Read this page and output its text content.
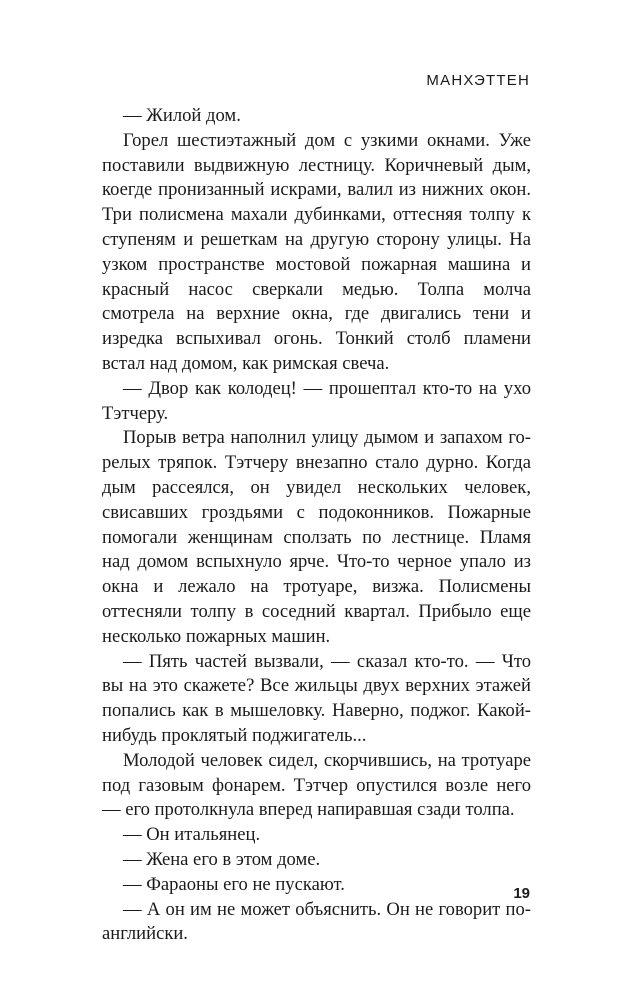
МАНХЭТТЕН

— Жилой дом.

Горел шестиэтажный дом с узкими окнами. Уже поставили выдвижную лестницу. Коричневый дым, коегде пронизанный искрами, валил из нижних окон. Три полисмена махали дубинками, оттесняя толпу к ступеням и решеткам на другую сторону улицы. На узком пространстве мостовой пожарная машина и красный насос сверкали медью. Толпа молча смотрела на верхние окна, где двигались тени и изредка вспыхивал огонь. Тонкий столб пламени встал над домом, как римская свеча.

— Двор как колодец! — прошептал кто-то на ухо Тэтчеру.

Порыв ветра наполнил улицу дымом и запахом горелых тряпок. Тэтчеру внезапно стало дурно. Когда дым рассеялся, он увидел нескольких человек, свисавших гроздьями с подоконников. Пожарные помогали женщинам сползать по лестнице. Пламя над домом вспыхнуло ярче. Что-то черное упало из окна и лежало на тротуаре, визжа. Полисмены оттесняли толпу в соседний квартал. Прибыло еще несколько пожарных машин.

— Пять частей вызвали, — сказал кто-то. — Что вы на это скажете? Все жильцы двух верхних этажей попались как в мышеловку. Наверно, поджог. Какойнибудь проклятый поджигатель...

Молодой человек сидел, скорчившись, на тротуаре под газовым фонарем. Тэтчер опустился возле него — его протолкнула вперед напиравшая сзади толпа.

— Он итальянец.

— Жена его в этом доме.

— Фараоны его не пускают.

— А он им не может объяснить. Он не говорит поанглийски.

19
